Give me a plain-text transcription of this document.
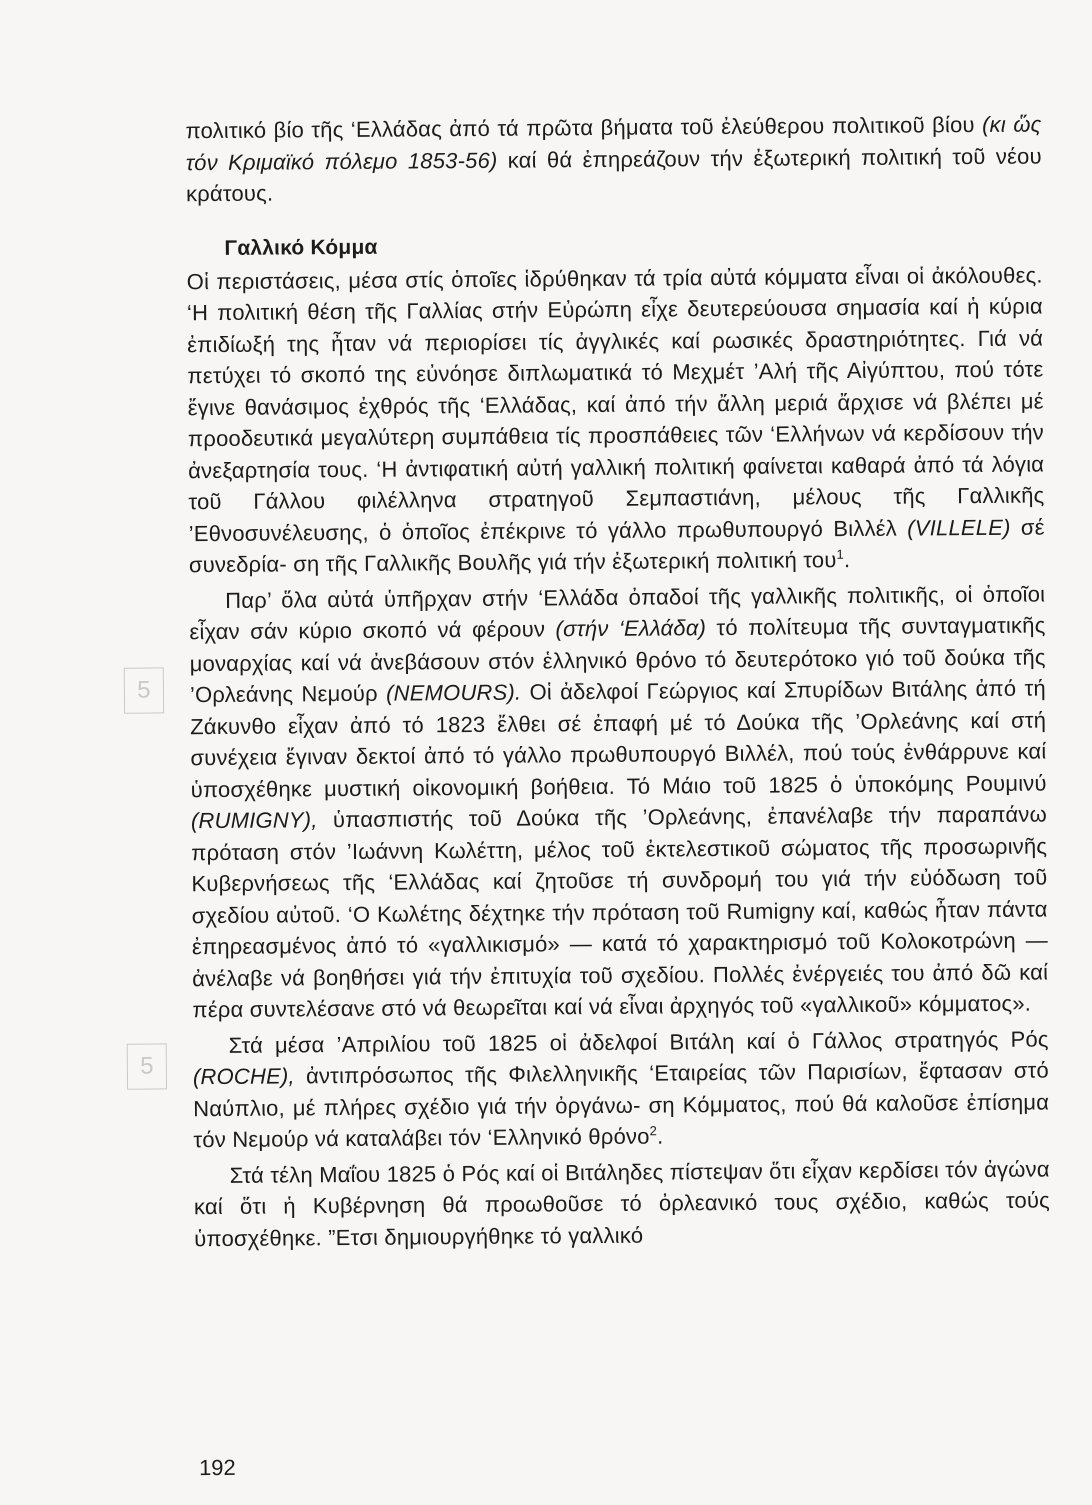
5
5

πολιτικό βίο τῆς ‘Ελλάδας ἀπό τά πρῶτα βήματα τοῦ ἐλεύθερου πολιτικοῦ βίου (κι ὥς τόν Κριμαϊκό πόλεμο 1853-56) καί θά ἐπηρεάζουν τήν ἐξωτερική πολιτική τοῦ νέου κράτους.

Γαλλικό Κόμμα

Οἱ περιστάσεις, μέσα στίς ὁποῖες ἱδρύθηκαν τά τρία αὐτά κόμματα εἶναι οἱ ἀκόλουθες. ‘Η πολιτική θέση τῆς Γαλλίας στήν Εὐρώπη εἶχε δευτερεύουσα σημασία καί ἡ κύρια ἐπιδίωξή της ἦταν νά περιορίσει τίς ἀγγλικές καί ρωσικές δραστηριότητες. Γιά νά πετύχει τό σκοπό της εὐνόησε διπλωματικά τό Μεχμέτ ’Αλή τῆς Αἰγύπτου, πού τότε ἔγινε θανάσιμος ἐχθρός τῆς ‘Ελλάδας, καί ἀπό τήν ἄλλη μεριά ἄρχισε νά βλέπει μέ προοδευτικά μεγαλύτερη συμπάθεια τίς προσπάθειες τῶν ‘Ελλήνων νά κερδίσουν τήν ἀνεξαρτησία τους. ‘Η ἀντιφατική αὐτή γαλλική πολιτική φαίνεται καθαρά ἀπό τά λόγια τοῦ Γάλλου φιλέλληνα στρατηγοῦ Σεμπαστιάνη, μέλους τῆς Γαλλικῆς ’Εθνοσυνέλευσης, ὁ ὁποῖος ἐπέκρινε τό γάλλο πρωθυπουργό Βιλλέλ (VILLELE) σέ συνεδρία- ση τῆς Γαλλικῆς Βουλῆς γιά τήν ἐξωτερική πολιτική του$^1$.

Παρ’ ὅλα αὐτά ὑπῆρχαν στήν ‘Ελλάδα ὀπαδοί τῆς γαλλικῆς πολιτικῆς, οἱ ὁποῖοι εἶχαν σάν κύριο σκοπό νά φέρουν (στήν ‘Ελλάδα) τό πολίτευμα τῆς συνταγματικῆς μοναρχίας καί νά ἀνεβάσουν στόν ἑλληνικό θρόνο τό δευτερότοκο γιό τοῦ δούκα τῆς ’Ορλεάνης Νεμούρ (NEMOURS). Οἱ ἀδελφοί Γεώργιος καί Σπυρίδων Βιτάλης ἀπό τή Ζάκυνθο εἶχαν ἀπό τό 1823 ἔλθει σέ ἐπαφή μέ τό Δούκα τῆς ’Ορλεάνης καί στή συνέχεια ἔγιναν δεκτοί ἀπό τό γάλλο πρωθυπουργό Βιλλέλ, πού τούς ἐνθάρρυνε καί ὑποσχέθηκε μυστική οἰκονομική βοήθεια. Τό Μάιο τοῦ 1825 ὁ ὑποκόμης Ρουμινύ (RUMIGNY), ὑπασπιστής τοῦ Δούκα τῆς ’Ορλεάνης, ἐπανέλαβε τήν παραπάνω πρόταση στόν ’Ιωάννη Κωλέττη, μέλος τοῦ ἐκτελεστικοῦ σώματος τῆς προσωρινῆς Κυβερνήσεως τῆς ‘Ελλάδας καί ζητοῦσε τή συνδρομή του γιά τήν εὐόδωση τοῦ σχεδίου αὐτοῦ. ‘Ο Κωλέτης δέχτηκε τήν πρόταση τοῦ Rumigny καί, καθώς ἦταν πάντα ἐπηρεασμένος ἀπό τό «γαλλικισμό» — κατά τό χαρακτηρισμό τοῦ Κολοκοτρώνη — ἀνέλαβε νά βοηθήσει γιά τήν ἐπιτυχία τοῦ σχεδίου. Πολλές ἐνέργειές του ἀπό δῶ καί πέρα συντελέσανε στό νά θεωρεῖται καί νά εἶναι ἀρχηγός τοῦ «γαλλικοῦ» κόμματος».

Στά μέσα ’Απριλίου τοῦ 1825 οἱ ἀδελφοί Βιτάλη καί ὁ Γάλλος στρατηγός Ρός (ROCHE), ἀντιπρόσωπος τῆς Φιλελληνικῆς ‘Εταιρείας τῶν Παρισίων, ἔφτασαν στό Ναύπλιο, μέ πλήρες σχέδιο γιά τήν ὀργάνω- ση Κόμματος, πού θά καλοῦσε ἐπίσημα τόν Νεμούρ νά καταλάβει τόν ‘Ελληνικό θρόνο$^2$.

Στά τέλη Μαΐου 1825 ὁ Ρός καί οἱ Βιτάληδες πίστεψαν ὅτι εἶχαν κερδίσει τόν ἀγώνα καί ὅτι ἡ Κυβέρνηση θά προωθοῦσε τό ὀρλεανικό τους σχέδιο, καθώς τούς ὑποσχέθηκε. ”Ετσι δημιουργήθηκε τό γαλλικό

192
